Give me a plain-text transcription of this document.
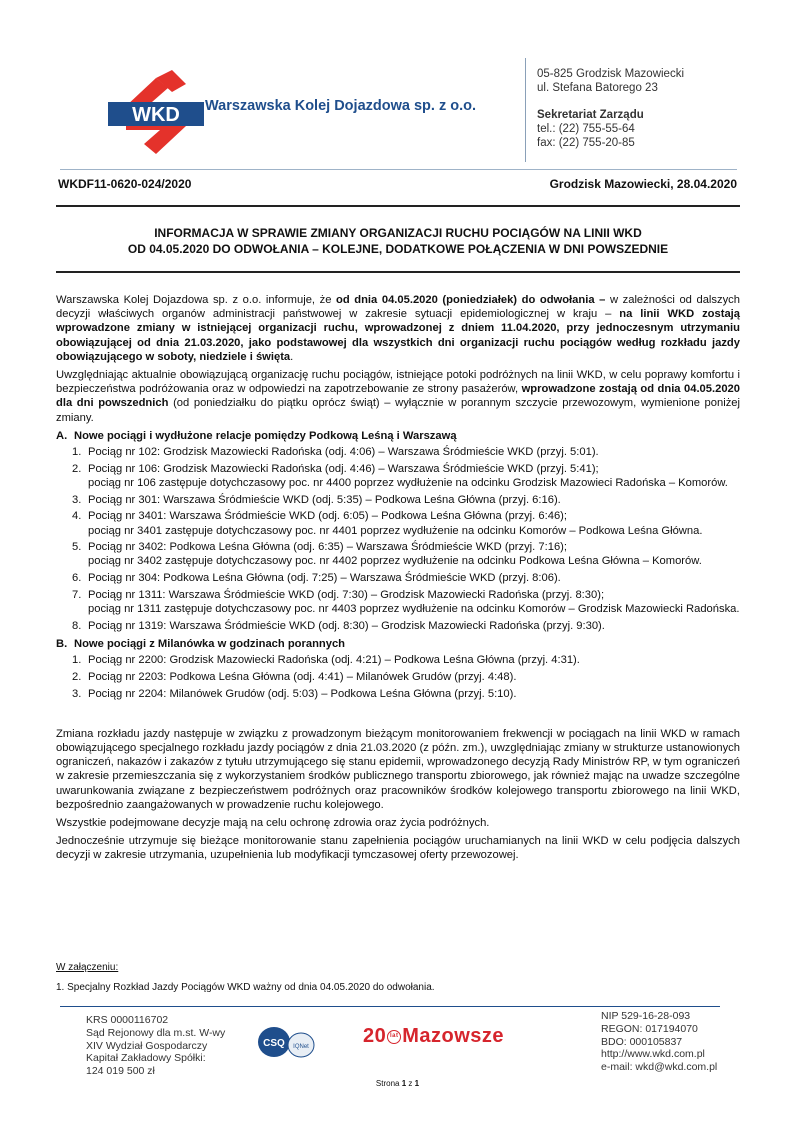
WKD Warszawska Kolej Dojazdowa sp. z o.o.
05-825 Grodzisk Mazowiecki
ul. Stefana Batorego 23
Sekretariat Zarządu
tel.: (22) 755-55-64
fax: (22) 755-20-85
WKDF11-0620-024/2020	Grodzisk Mazowiecki, 28.04.2020
INFORMACJA W SPRAWIE ZMIANY ORGANIZACJI RUCHU POCIĄGÓW NA LINII WKD
OD 04.05.2020 DO ODWOŁANIA – KOLEJNE, DODATKOWE POŁĄCZENIA W DNI POWSZEDNIE

Warszawska Kolej Dojazdowa sp. z o.o. informuje, że od dnia 04.05.2020 (poniedziałek) do odwołania – w zależności od dalszych decyzji właściwych organów administracji państwowej w zakresie sytuacji epidemiologicznej w kraju – na linii WKD zostają wprowadzone zmiany w istniejącej organizacji ruchu, wprowadzonej z dniem 11.04.2020, przy jednoczesnym utrzymaniu obowiązującej od dnia 21.03.2020, jako podstawowej dla wszystkich dni organizacji ruchu pociągów według rozkładu jazdy obowiązującego w soboty, niedziele i święta.

Uwzględniając aktualnie obowiązującą organizację ruchu pociągów, istniejące potoki podróżnych na linii WKD, w celu poprawy komfortu i bezpieczeństwa podróżowania oraz w odpowiedzi na zapotrzebowanie ze strony pasażerów, wprowadzone zostają od dnia 04.05.2020 dla dni powszednich (od poniedziałku do piątku oprócz świąt) – wyłącznie w porannym szczycie przewozowym, wymienione poniżej zmiany.

A. Nowe pociągi i wydłużone relacje pomiędzy Podkową Leśną i Warszawą
1. Pociąg nr 102: Grodzisk Mazowiecki Radońska (odj. 4:06) – Warszawa Śródmieście WKD (przyj. 5:01).
2. Pociąg nr 106: Grodzisk Mazowiecki Radońska (odj. 4:46) – Warszawa Śródmieście WKD (przyj. 5:41);
pociąg nr 106 zastępuje dotychczasowy poc. nr 4400 poprzez wydłużenie na odcinku Grodzisk Mazowieci Radońska – Komorów.
3. Pociąg nr 301: Warszawa Śródmieście WKD (odj. 5:35) – Podkowa Leśna Główna (przyj. 6:16).
4. Pociąg nr 3401: Warszawa Śródmieście WKD (odj. 6:05) – Podkowa Leśna Główna (przyj. 6:46);
pociąg nr 3401 zastępuje dotychczasowy poc. nr 4401 poprzez wydłużenie na odcinku Komorów – Podkowa Leśna Główna.
5. Pociąg nr 3402: Podkowa Leśna Główna (odj. 6:35) – Warszawa Śródmieście WKD (przyj. 7:16);
pociąg nr 3402 zastępuje dotychczasowy poc. nr 4402 poprzez wydłużenie na odcinku Podkowa Leśna Główna – Komorów.
6. Pociąg nr 304: Podkowa Leśna Główna (odj. 7:25) – Warszawa Śródmieście WKD (przyj. 8:06).
7. Pociąg nr 1311: Warszawa Śródmieście WKD (odj. 7:30) – Grodzisk Mazowiecki Radońska (przyj. 8:30);
pociąg nr 1311 zastępuje dotychczasowy poc. nr 4403 poprzez wydłużenie na odcinku Komorów – Grodzisk Mazowiecki Radońska.
8. Pociąg nr 1319: Warszawa Śródmieście WKD (odj. 8:30) – Grodzisk Mazowiecki Radońska (przyj. 9:30).
B. Nowe pociągi z Milanówka w godzinach porannych
1. Pociąg nr 2200: Grodzisk Mazowiecki Radońska (odj. 4:21) – Podkowa Leśna Główna (przyj. 4:31).
2. Pociąg nr 2203: Podkowa Leśna Główna (odj. 4:41) – Milanówek Grudów (przyj. 4:48).
3. Pociąg nr 2204: Milanówek Grudów (odj. 5:03) – Podkowa Leśna Główna (przyj. 5:10).

Zmiana rozkładu jazdy następuje w związku z prowadzonym bieżącym monitorowaniem frekwencji w pociągach na linii WKD w ramach obowiązującego specjalnego rozkładu jazdy pociągów z dnia 21.03.2020 (z późn. zm.), uwzględniając zmiany w strukturze ustanowionych ograniczeń, nakazów i zakazów z tytułu utrzymującego się stanu epidemii, wprowadzonego decyzją Rady Ministrów RP, w tym ograniczeń w zakresie przemieszczania się z wykorzystaniem środków publicznego transportu zbiorowego, jak również mając na uwadze szczególne uwarunkowania związane z bezpieczeństwem podróżnych oraz pracowników środków kolejowego transportu zbiorowego na linii WKD, bezpośrednio zaangażowanych w prowadzenie ruchu kolejowego.

Wszystkie podejmowane decyzje mają na celu ochronę zdrowia oraz życia podróżnych.

Jednocześnie utrzymuje się bieżące monitorowanie stanu zapełnienia pociągów uruchamianych na linii WKD w celu podjęcia dalszych decyzji w zakresie utrzymania, uzupełnienia lub modyfikacji tymczasowej oferty przewozowej.

W załączeniu:
1. Specjalny Rozkład Jazdy Pociągów WKD ważny od dnia 04.05.2020 do odwołania.
KRS 0000116702
Sąd Rejonowy dla m.st. W-wy
XIV Wydział Gospodarczy
Kapitał Zakładowy Spółki:
124 019 500 zł
CSQ IQNet	20 lat Mazowsze
NIP 529-16-28-093
REGON: 017194070
BDO: 000105837
http://www.wkd.com.pl
e-mail: wkd@wkd.com.pl
Strona 1 z 1
